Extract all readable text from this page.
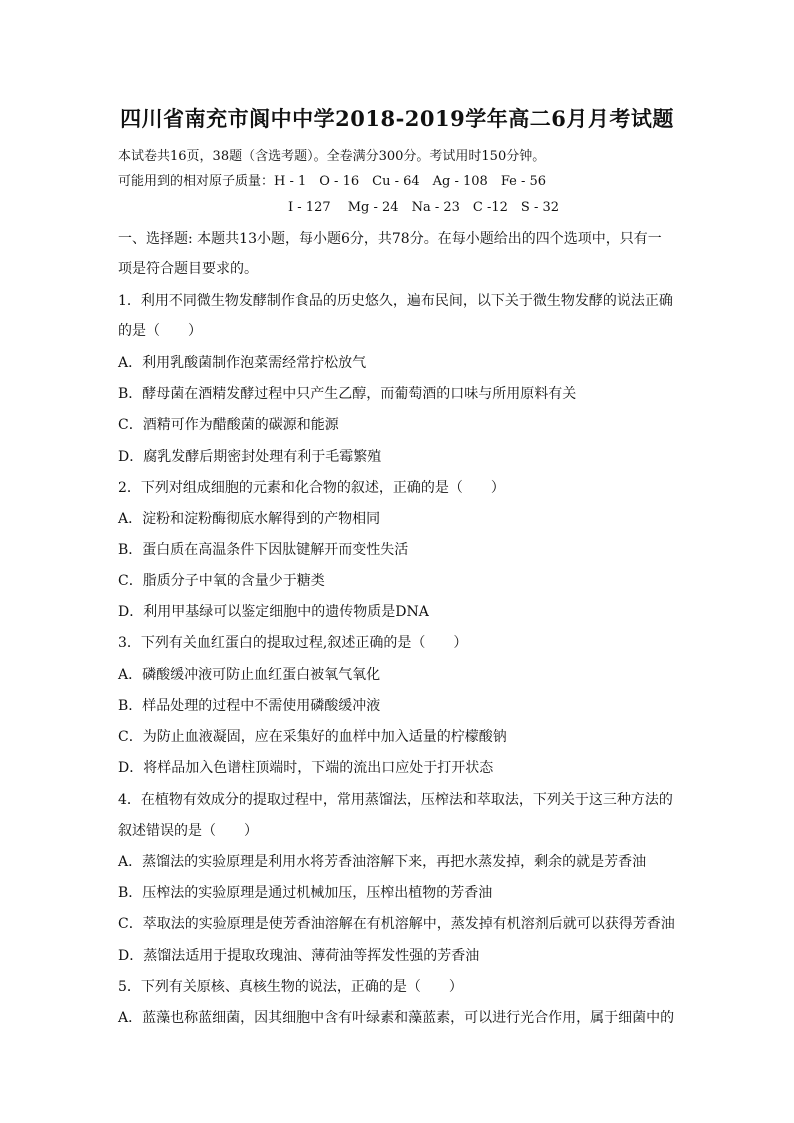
四川省南充市阆中中学2018-2019学年高二6月月考试题
本试卷共16页，38题（含选考题）。全卷满分300分。考试用时150分钟。
可能用到的相对原子质量：H - 1　O - 16　Cu - 64　Ag - 108　Fe - 56
I - 127　 Mg - 24　Na - 23　C -12　S - 32
一、选择题: 本题共13小题，每小题6分，共78分。在每小题给出的四个选项中，只有一
项是符合题目要求的。
1．利用不同微生物发酵制作食品的历史悠久，遍布民间，以下关于微生物发酵的说法正确
的是（　　）
A．利用乳酸菌制作泡菜需经常拧松放气
B．酵母菌在酒精发酵过程中只产生乙醇，而葡萄酒的口味与所用原料有关
C．酒精可作为醋酸菌的碳源和能源
D．腐乳发酵后期密封处理有利于毛霉繁殖
2．下列对组成细胞的元素和化合物的叙述，正确的是（　　）
A．淀粉和淀粉酶彻底水解得到的产物相同
B．蛋白质在高温条件下因肽键解开而变性失活
C．脂质分子中氧的含量少于糖类
D．利用甲基绿可以鉴定细胞中的遗传物质是DNA
3．下列有关血红蛋白的提取过程,叙述正确的是（　　）
A．磷酸缓冲液可防止血红蛋白被氧气氧化
B．样品处理的过程中不需使用磷酸缓冲液
C．为防止血液凝固，应在采集好的血样中加入适量的柠檬酸钠
D．将样品加入色谱柱顶端时，下端的流出口应处于打开状态
4．在植物有效成分的提取过程中，常用蒸馏法，压榨法和萃取法，下列关于这三种方法的
叙述错误的是（　　）
A．蒸馏法的实验原理是利用水将芳香油溶解下来，再把水蒸发掉，剩余的就是芳香油
B．压榨法的实验原理是通过机械加压，压榨出植物的芳香油
C．萃取法的实验原理是使芳香油溶解在有机溶解中，蒸发掉有机溶剂后就可以获得芳香油
D．蒸馏法适用于提取玫瑰油、薄荷油等挥发性强的芳香油
5．下列有关原核、真核生物的说法，正确的是（　　）
A．蓝藻也称蓝细菌，因其细胞中含有叶绿素和藻蓝素，可以进行光合作用，属于细菌中的
